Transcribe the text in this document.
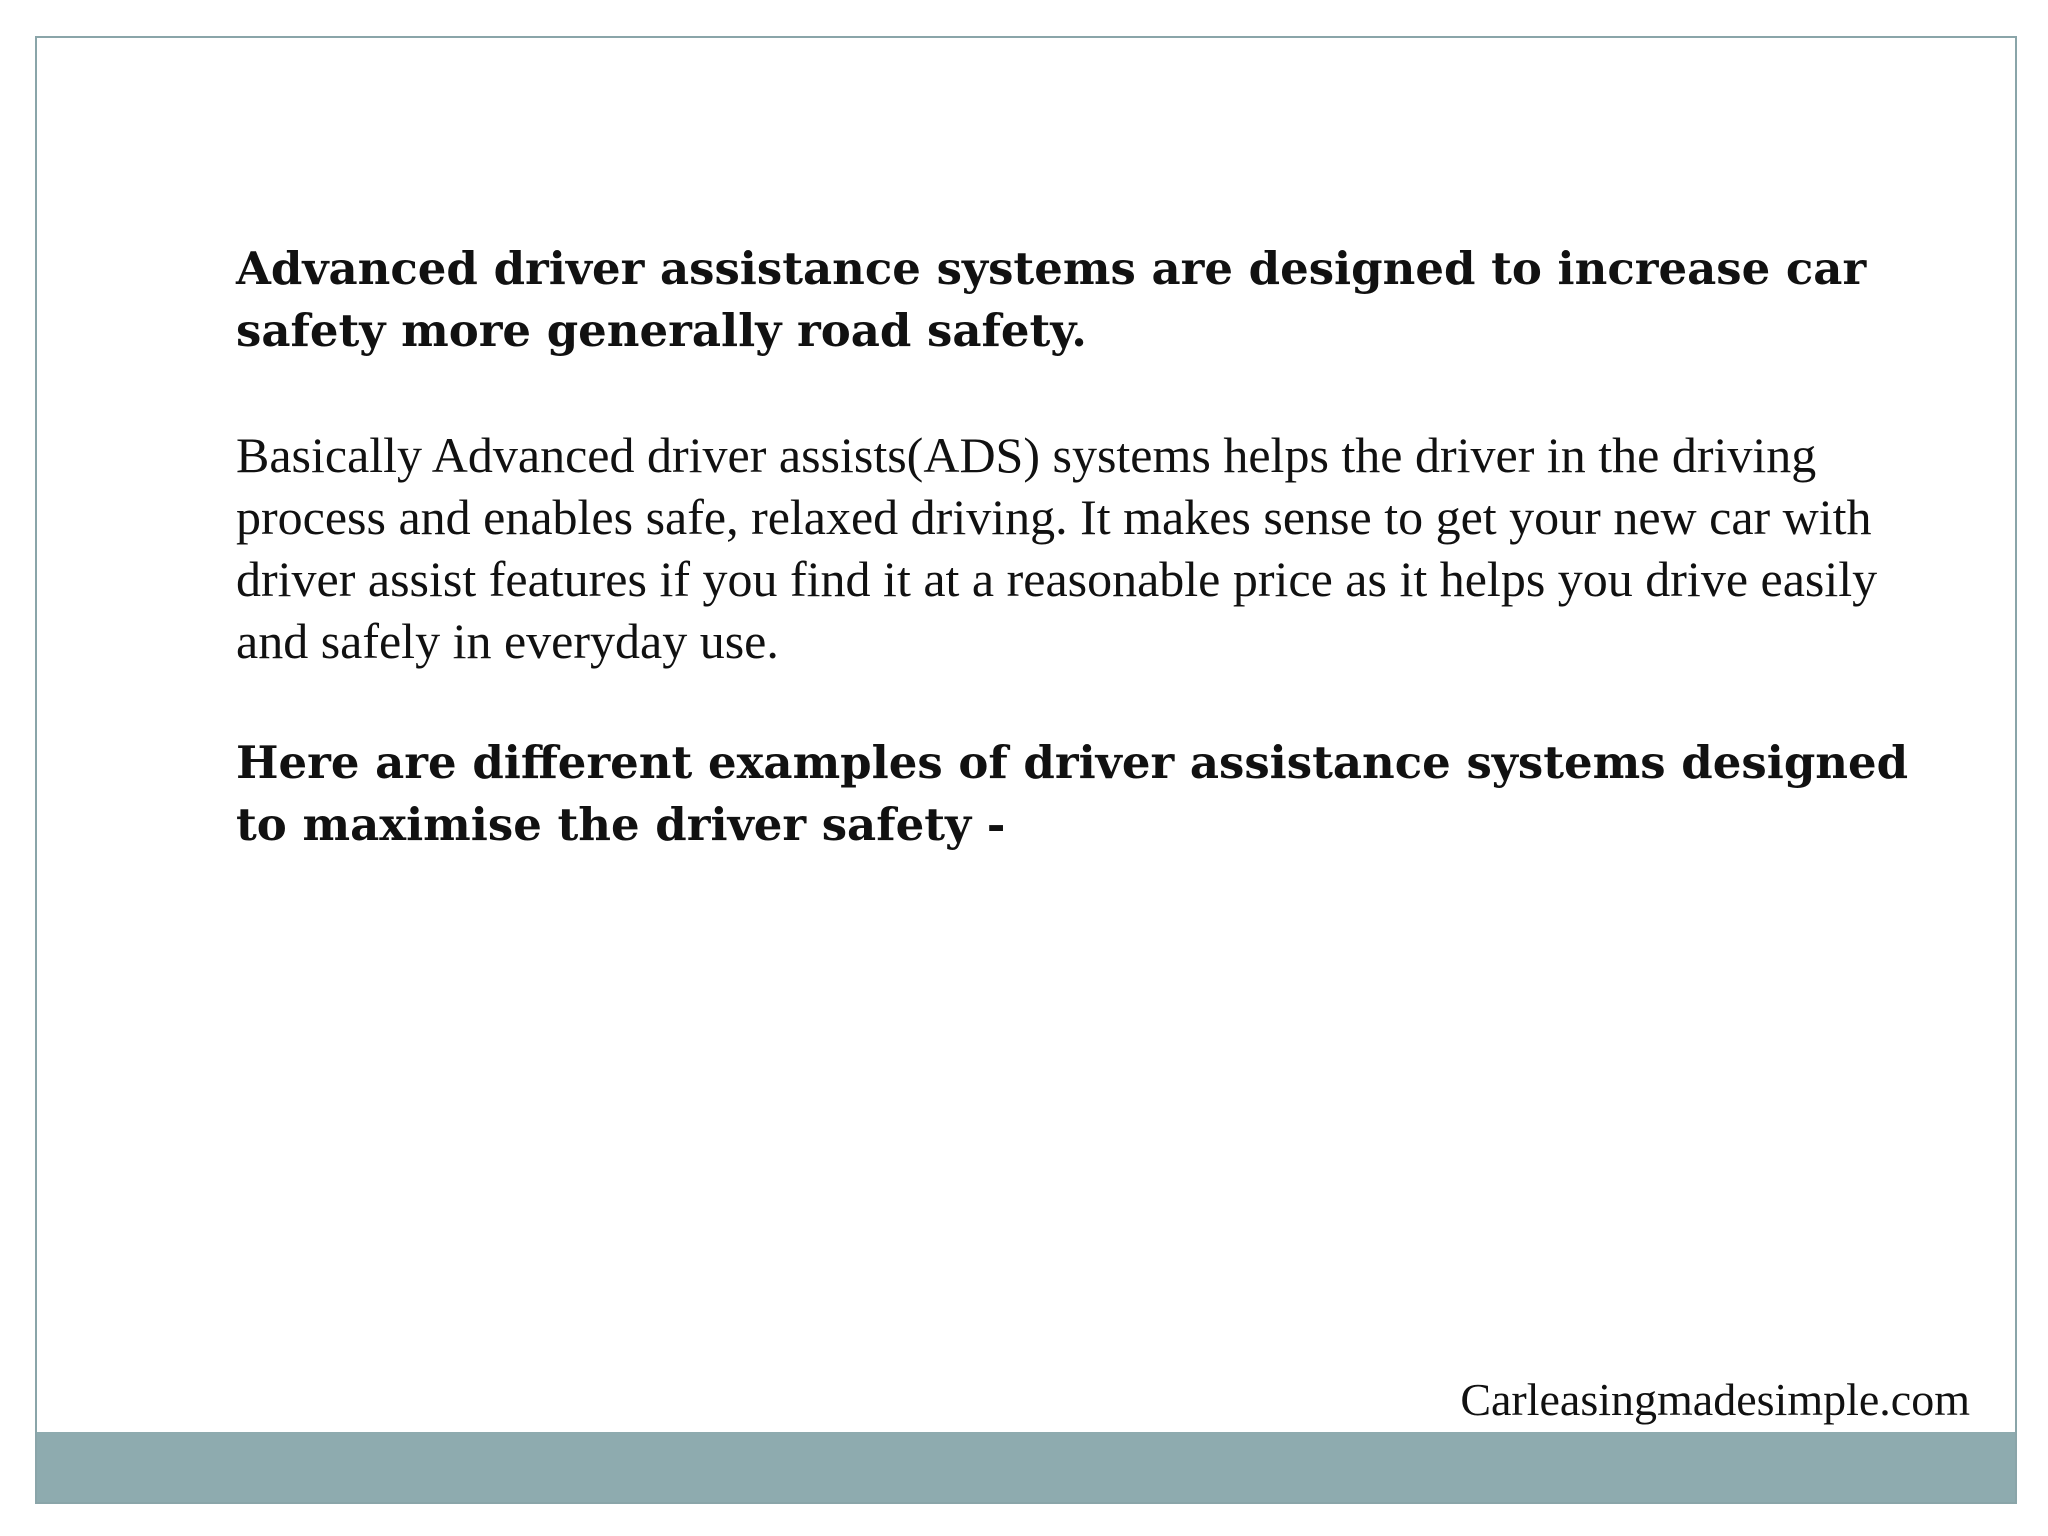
Advanced driver assistance systems are designed to increase car safety more generally road safety.

Basically Advanced driver assists(ADS) systems helps the driver in the driving process and enables safe, relaxed driving. It makes sense to get your new car with driver assist features if you find it at a reasonable price as it helps you drive easily and safely in everyday use.

Here are different examples of driver assistance systems designed to maximise the driver safety -

Carleasingmadesimple.com
